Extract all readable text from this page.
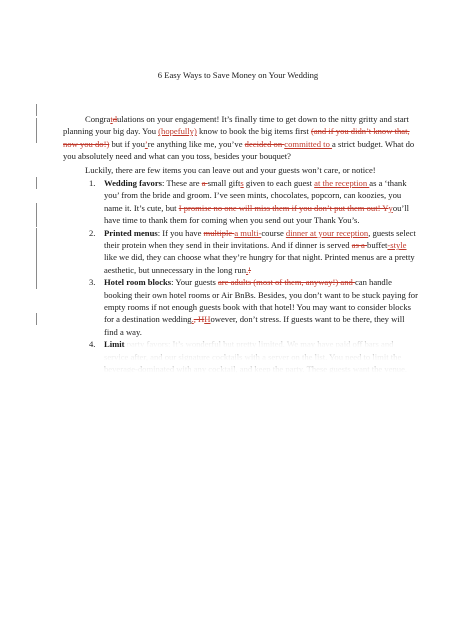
6 Easy Ways to Save Money on Your Wedding

Congratdulations on your engagement! It’s finally time to get down to the nitty gritty and start planning your big day. You (hopefully) know to book the big items first (and if you didn’t know that, now you do!) but if you’re anything like me, you’ve decided on committed to a strict budget. What do you absolutely need and what can you toss, besides your bouquet?

Luckily, there are few items you can leave out and your guests won’t care, or notice!

1. Wedding favors: These are a small gifts given to each guest at the reception as a ‘thank you’ from the bride and groom. I’ve seen mints, chocolates, popcorn, can koozies, you name it. It’s cute, but I promise no one will miss them if you don’t put them out! Yyou’ll have time to thank them for coming when you send out your Thank You’s.
2. Printed menus: If you have multiple a multi-course dinner at your reception, guests select their protein when they send in their invitations. And if dinner is served as a buffet-style like we did, they can choose what they’re hungry for that night. Printed menus are a pretty aesthetic, but unnecessary in the long run.!
3. Hotel room blocks: Your guests are adults (most of them, anyway!) and can handle booking their own hotel rooms or Air BnBs. Besides, you don’t want to be stuck paying for empty rooms if not enough guests book with that hotel! You may want to consider blocks for a destination wedding., HHowever, don’t stress. If guests want to be there, they will find a way.
4. Limit party favors: It’s wonderful but pretty limited. We may have paid off bars and service after, and our signature cocktails with a server on the list. You need to limit the beverage-dominated with any cocktail, and keep the party. These guests want the venue.
